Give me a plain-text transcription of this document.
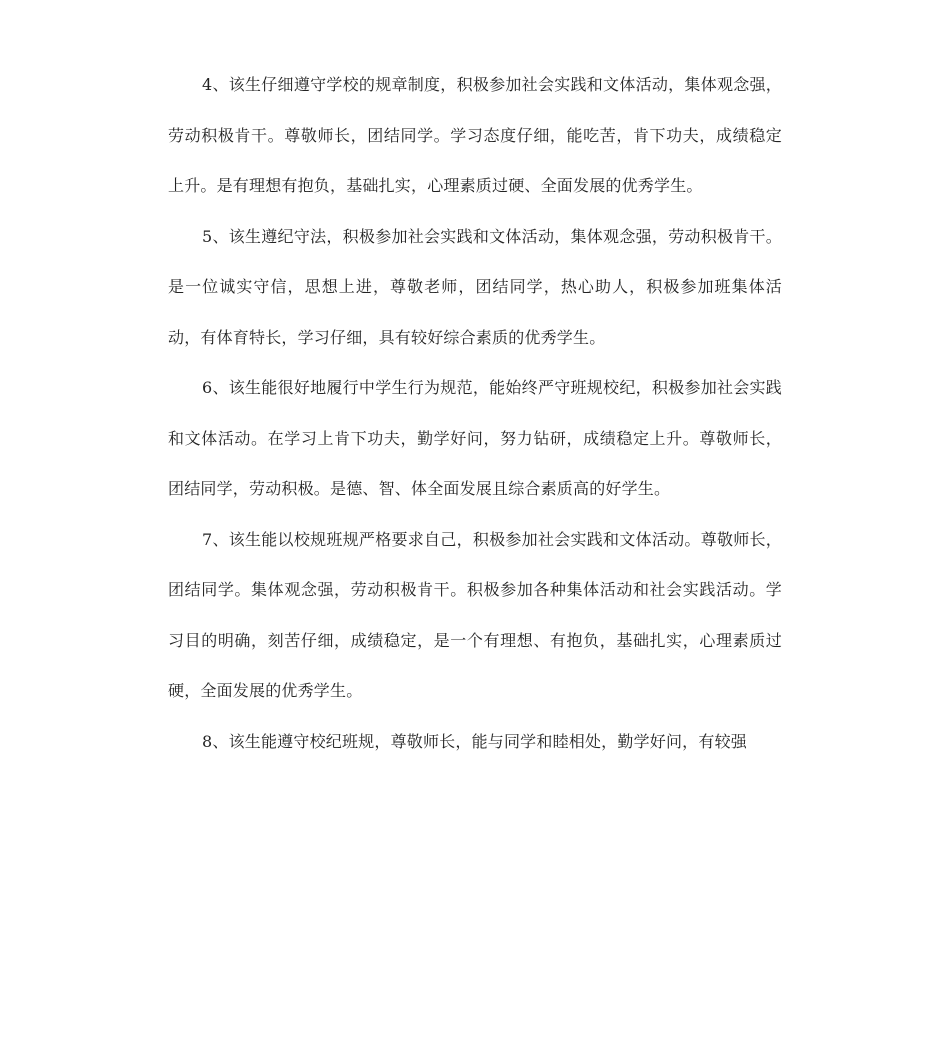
4、该生仔细遵守学校的规章制度，积极参加社会实践和文体活动，集体观念强，劳动积极肯干。尊敬师长，团结同学。学习态度仔细，能吃苦，肯下功夫，成绩稳定上升。是有理想有抱负，基础扎实，心理素质过硬、全面发展的优秀学生。

5、该生遵纪守法，积极参加社会实践和文体活动，集体观念强，劳动积极肯干。是一位诚实守信，思想上进，尊敬老师，团结同学，热心助人，积极参加班集体活动，有体育特长，学习仔细，具有较好综合素质的优秀学生。

6、该生能很好地履行中学生行为规范，能始终严守班规校纪，积极参加社会实践和文体活动。在学习上肯下功夫，勤学好问，努力钻研，成绩稳定上升。尊敬师长，团结同学，劳动积极。是德、智、体全面发展且综合素质高的好学生。

7、该生能以校规班规严格要求自己，积极参加社会实践和文体活动。尊敬师长，团结同学。集体观念强，劳动积极肯干。积极参加各种集体活动和社会实践活动。学习目的明确，刻苦仔细，成绩稳定，是一个有理想、有抱负，基础扎实，心理素质过硬，全面发展的优秀学生。

8、该生能遵守校纪班规，尊敬师长，能与同学和睦相处，勤学好问，有较强
